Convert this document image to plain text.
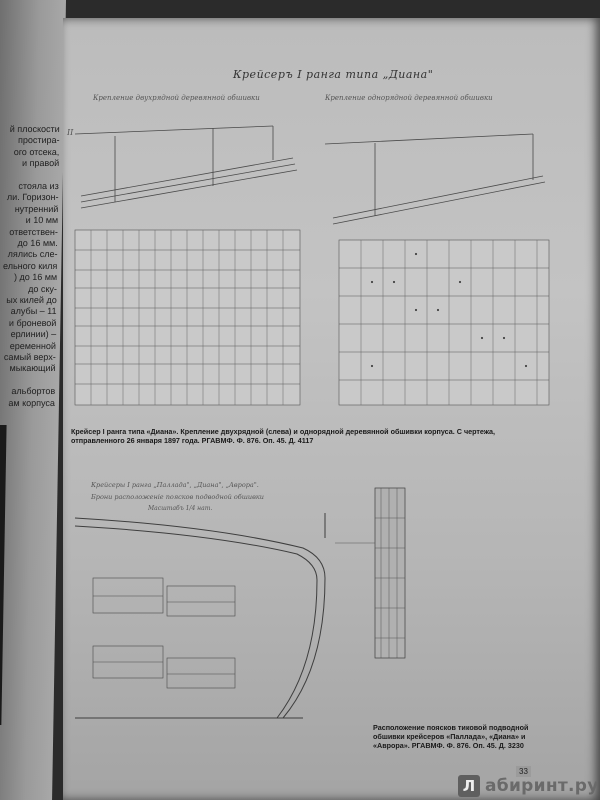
й плоскости
простира-
ого отсека,
и правой
стояла из
ли. Горизон-
нутренний
и 10 мм
ответствен-
до 16 мм.
лялись сле-
ельного киля
) до 16 мм
до ску-
ых килей до
алубы – 11
и броневой
ерлинии) –
еременной
самый верх-
мыкающий
альбортов
ам корпуса
Крейсеръ I ранга типа „Диана"
Крепление двухрядной деревянной обшивки	Крепление однорядной деревянной обшивки
II
Крейсер I ранга типа «Диана». Крепление двухрядной (слева) и однорядной деревянной обшивки корпуса. С чертежа, отправленного 26 января 1897 года. РГАВМФ. Ф. 876. Оп. 45. Д. 4117
Крейсеры I ранга „Паллада", „Диана", „Аврора".
Брони расположенiе поясков подводной обшивки
Масштабъ 1/4 нат.
Расположение поясков тиковой подводной обшивки крейсеров «Паллада», «Диана» и «Аврора». РГАВМФ. Ф. 876. Оп. 45. Д. 3230
33
Л абиринт.ру
